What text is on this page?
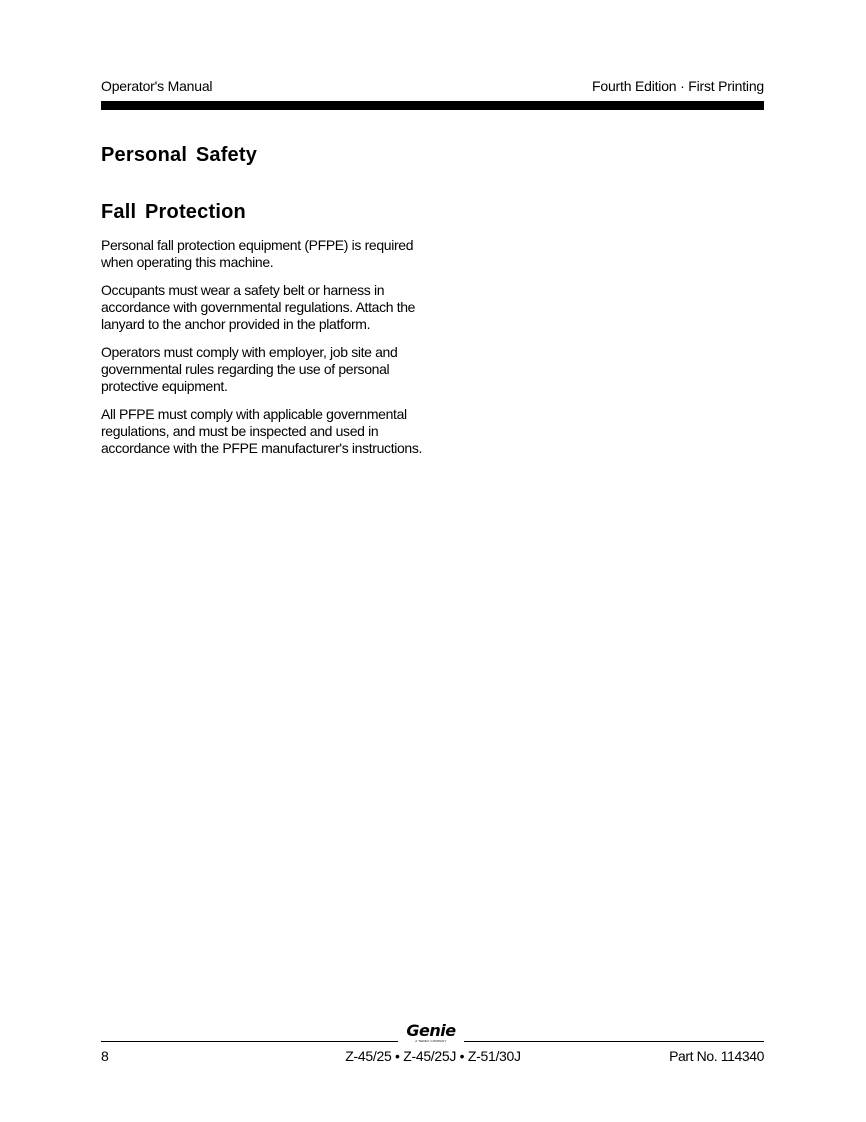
Operator's Manual	Fourth Edition · First Printing
Personal Safety
Fall Protection

Personal fall protection equipment (PFPE) is required when operating this machine.

Occupants must wear a safety belt or harness in accordance with governmental regulations. Attach the lanyard to the anchor provided in the platform.

Operators must comply with employer, job site and governmental rules regarding the use of personal protective equipment.

All PFPE must comply with applicable governmental regulations, and must be inspected and used in accordance with the PFPE manufacturer's instructions.

Genie
A TEREX COMPANY
8	Z-45/25 • Z-45/25J • Z-51/30J	Part No. 114340
